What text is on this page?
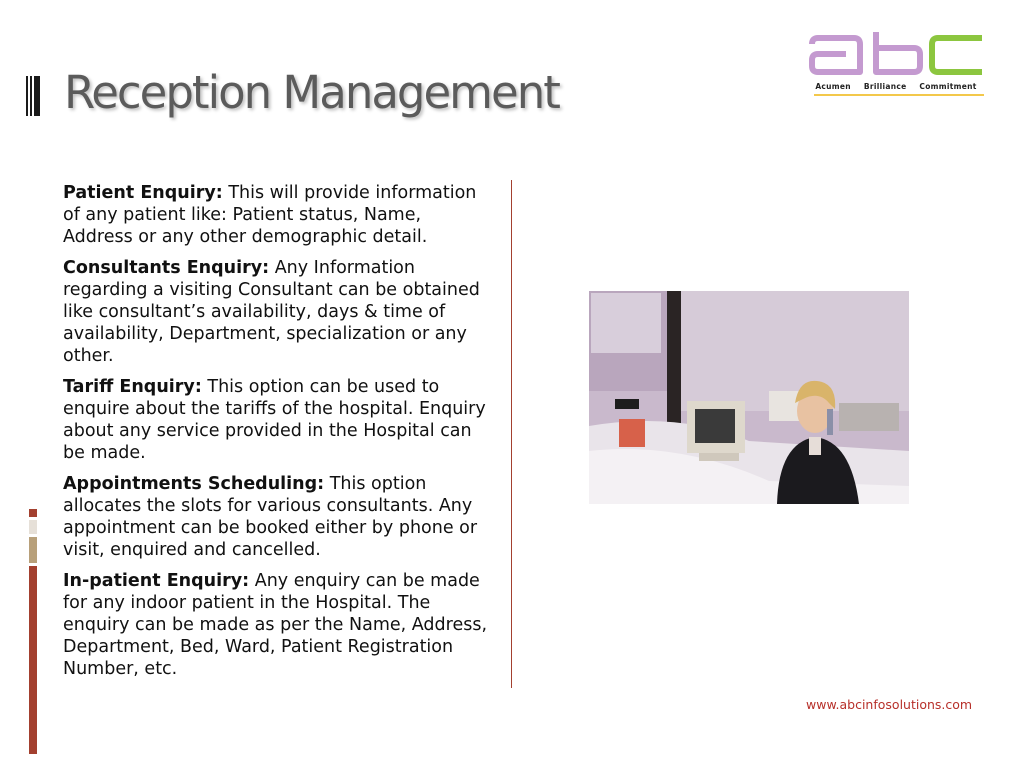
Reception Management	Acumen Brilliance Commitment

Patient Enquiry: This will provide information of any patient like: Patient status, Name, Address or any other demographic detail.

Consultants Enquiry: Any Information regarding a visiting Consultant can be obtained like consultant’s availability, days & time of availability, Department, specialization or any other.

Tariff Enquiry: This option can be used to enquire about the tariffs of the hospital. Enquiry about any service provided in the Hospital can be made.

Appointments Scheduling: This option allocates the slots for various consultants. Any appointment can be booked either by phone or visit, enquired and cancelled.

In-patient Enquiry: Any enquiry can be made for any indoor patient in the Hospital. The enquiry can be made as per the Name, Address, Department, Bed, Ward, Patient Registration Number, etc.

www.abcinfosolutions.com
